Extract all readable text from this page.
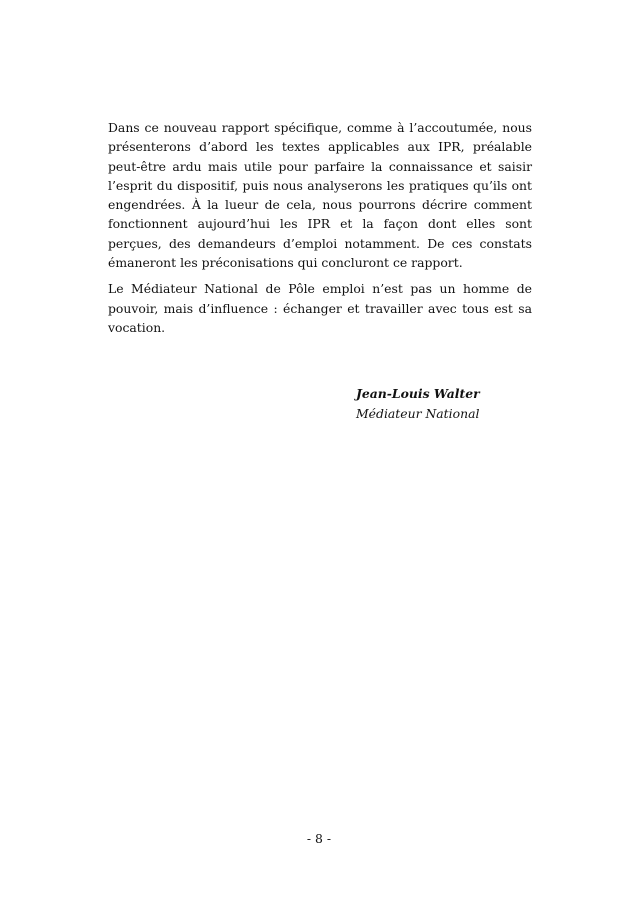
Dans ce nouveau rapport spécifique, comme à l’accoutumée, nous présenterons d’abord les textes applicables aux IPR, préalable peut-être ardu mais utile pour parfaire la connaissance et saisir l’esprit du dispositif, puis nous analyserons les pratiques qu’ils ont engendrées. À la lueur de cela, nous pourrons décrire comment fonctionnent aujourd’hui les IPR et la façon dont elles sont perçues, des demandeurs d’emploi notamment. De ces constats émaneront les préconisations qui concluront ce rapport.

Le Médiateur National de Pôle emploi n’est pas un homme de pouvoir, mais d’influence : échanger et travailler avec tous est sa vocation.

Jean-Louis Walter
Médiateur National
- 8 -
